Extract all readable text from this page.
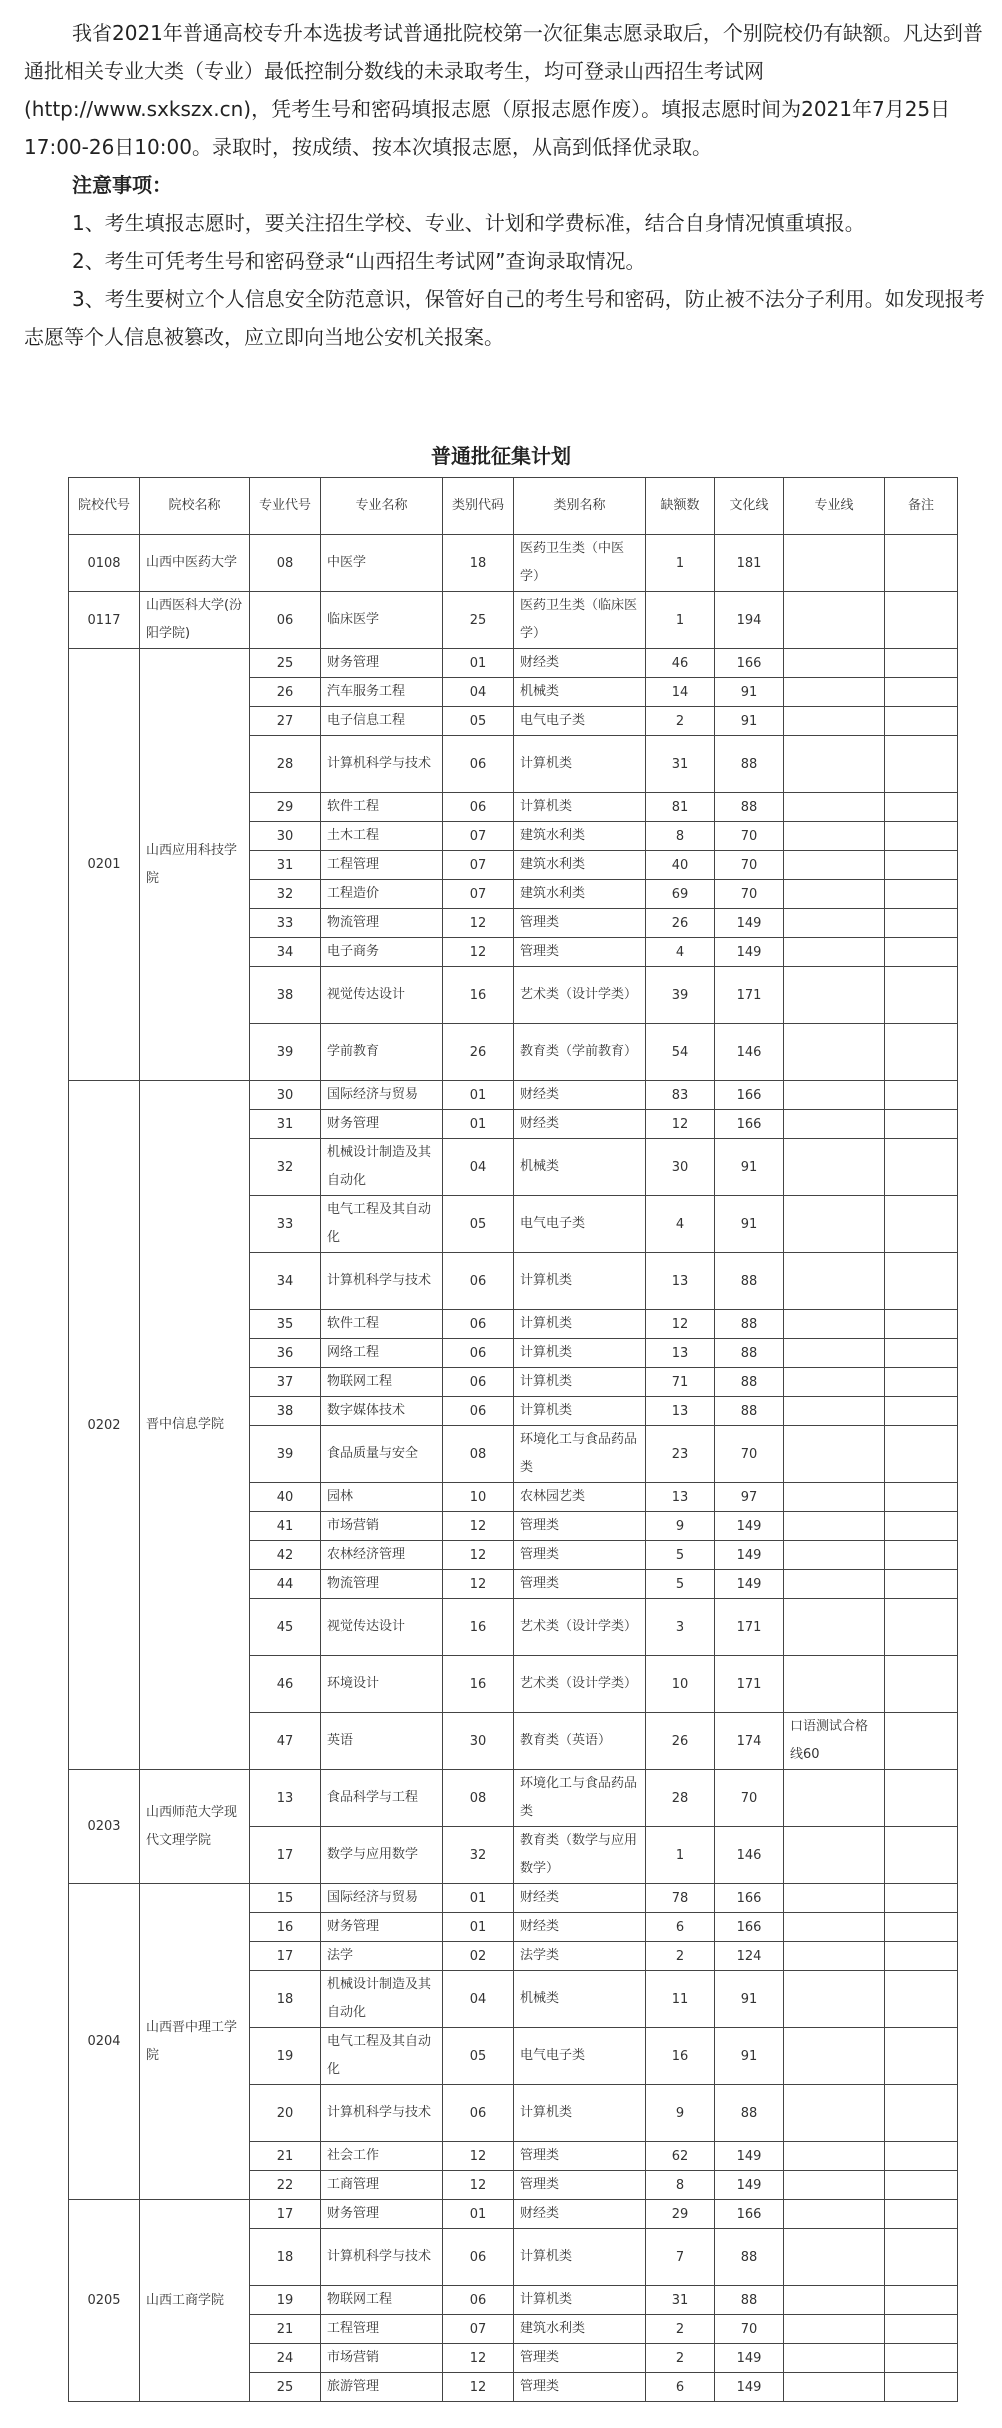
我省2021年普通高校专升本选拔考试普通批院校第一次征集志愿录取后，个别院校仍有缺额。凡达到普通批相关专业大类（专业）最低控制分数线的未录取考生，均可登录山西招生考试网(http://www.sxkszx.cn)，凭考生号和密码填报志愿（原报志愿作废）。填报志愿时间为2021年7月25日17:00-26日10:00。录取时，按成绩、按本次填报志愿，从高到低择优录取。

注意事项：

1、考生填报志愿时，要关注招生学校、专业、计划和学费标准，结合自身情况慎重填报。

2、考生可凭考生号和密码登录“山西招生考试网”查询录取情况。

3、考生要树立个人信息安全防范意识，保管好自己的考生号和密码，防止被不法分子利用。如发现报考志愿等个人信息被篡改，应立即向当地公安机关报案。

普通批征集计划
院校代号	院校名称	专业代号	专业名称	类别代码	类别名称	缺额数	文化线	专业线	备注
0108	山西中医药大学	08	中医学	18	医药卫生类（中医学）	1	181		
0117	山西医科大学(汾阳学院)	06	临床医学	25	医药卫生类（临床医学）	1	194		
0201	山西应用科技学院	25	财务管理	01	财经类	46	166		
		26	汽车服务工程	04	机械类	14	91		
		27	电子信息工程	05	电气电子类	2	91		
		28	计算机科学与技术	06	计算机类	31	88		
		29	软件工程	06	计算机类	81	88		
		30	土木工程	07	建筑水利类	8	70		
		31	工程管理	07	建筑水利类	40	70		
		32	工程造价	07	建筑水利类	69	70		
		33	物流管理	12	管理类	26	149		
		34	电子商务	12	管理类	4	149		
		38	视觉传达设计	16	艺术类（设计学类）	39	171		
		39	学前教育	26	教育类（学前教育）	54	146		
0202	晋中信息学院	30	国际经济与贸易	01	财经类	83	166		
		31	财务管理	01	财经类	12	166		
		32	机械设计制造及其自动化	04	机械类	30	91		
		33	电气工程及其自动化	05	电气电子类	4	91		
		34	计算机科学与技术	06	计算机类	13	88		
		35	软件工程	06	计算机类	12	88		
		36	网络工程	06	计算机类	13	88		
		37	物联网工程	06	计算机类	71	88		
		38	数字媒体技术	06	计算机类	13	88		
		39	食品质量与安全	08	环境化工与食品药品类	23	70		
		40	园林	10	农林园艺类	13	97		
		41	市场营销	12	管理类	9	149		
		42	农林经济管理	12	管理类	5	149		
		44	物流管理	12	管理类	5	149		
		45	视觉传达设计	16	艺术类（设计学类）	3	171		
		46	环境设计	16	艺术类（设计学类）	10	171		
		47	英语	30	教育类（英语）	26	174	口语测试合格线60	
0203	山西师范大学现代文理学院	13	食品科学与工程	08	环境化工与食品药品类	28	70		
		17	数学与应用数学	32	教育类（数学与应用数学）	1	146		
0204	山西晋中理工学院	15	国际经济与贸易	01	财经类	78	166		
		16	财务管理	01	财经类	6	166		
		17	法学	02	法学类	2	124		
		18	机械设计制造及其自动化	04	机械类	11	91		
		19	电气工程及其自动化	05	电气电子类	16	91		
		20	计算机科学与技术	06	计算机类	9	88		
		21	社会工作	12	管理类	62	149		
		22	工商管理	12	管理类	8	149		
0205	山西工商学院	17	财务管理	01	财经类	29	166		
		18	计算机科学与技术	06	计算机类	7	88		
		19	物联网工程	06	计算机类	31	88		
		21	工程管理	07	建筑水利类	2	70		
		24	市场营销	12	管理类	2	149		
		25	旅游管理	12	管理类	6	149		
